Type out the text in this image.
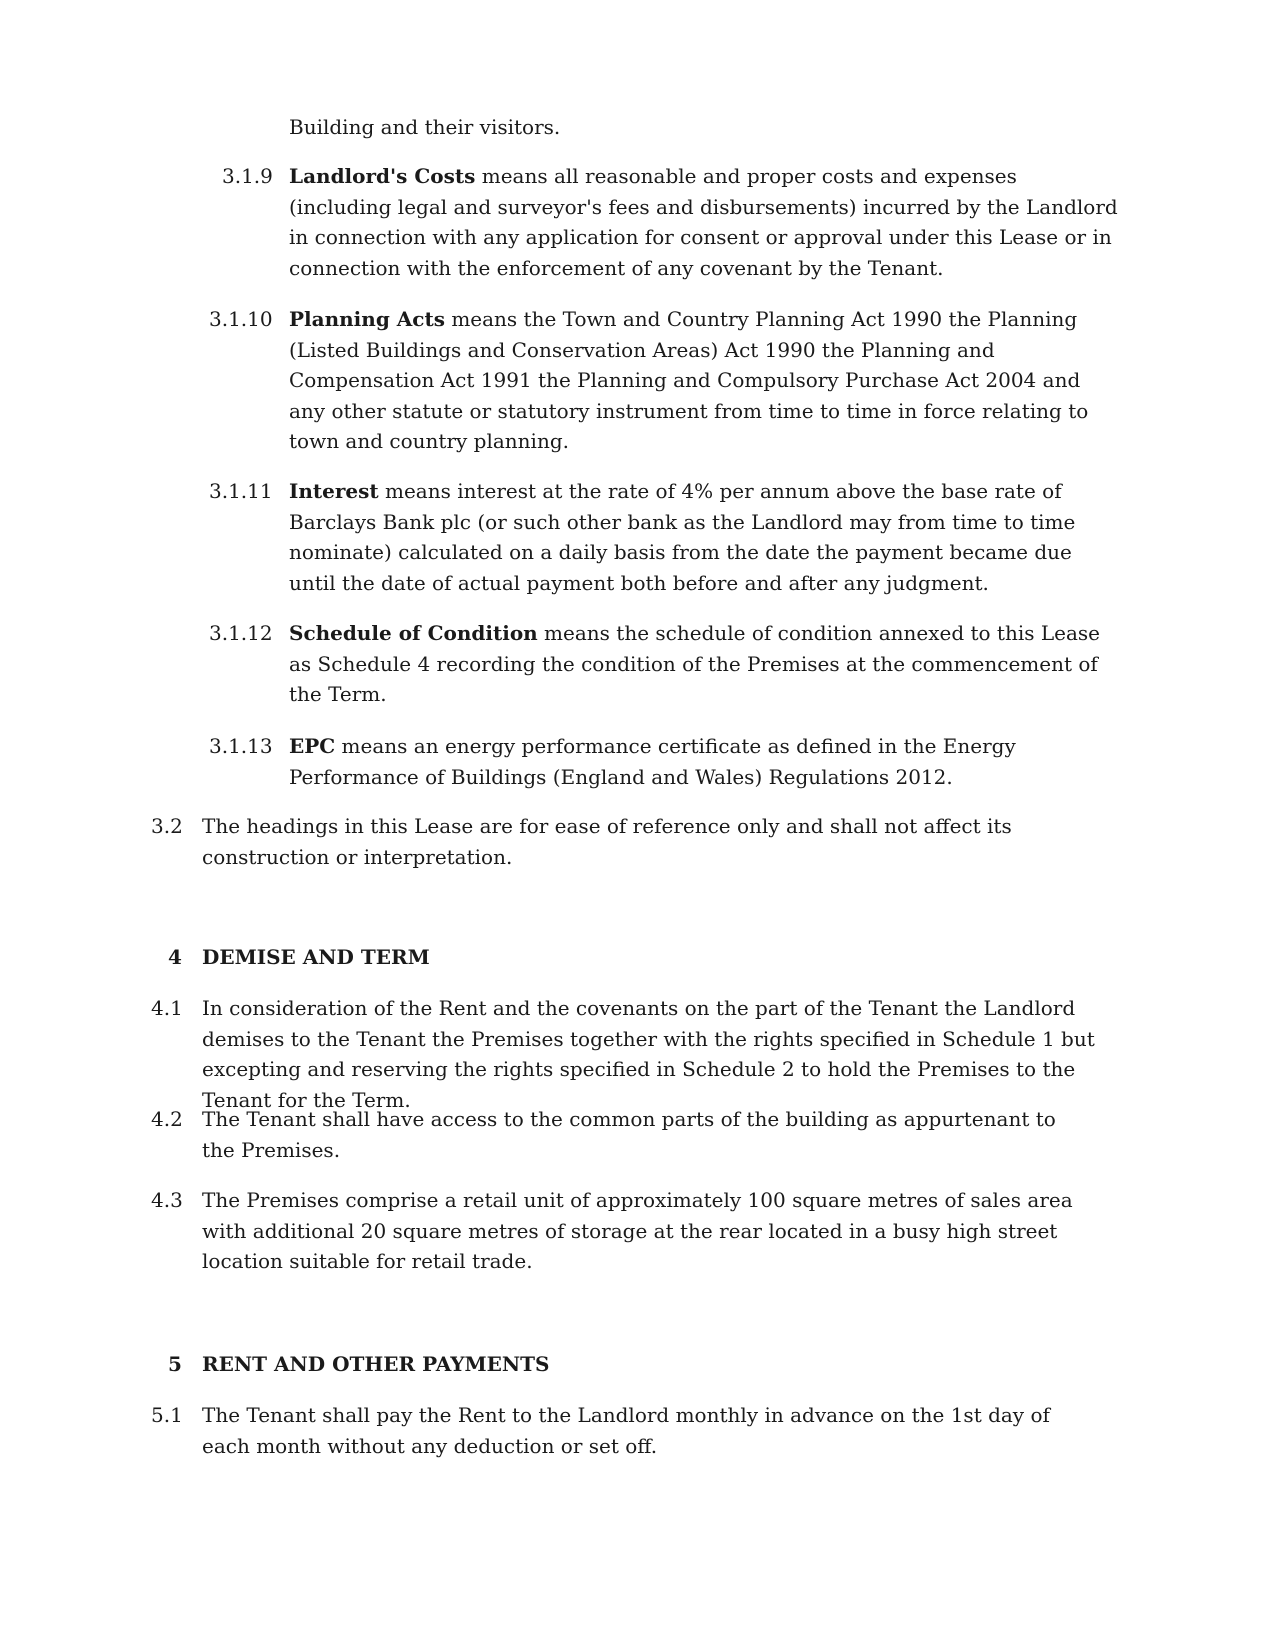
Building and their visitors.

3.1.9 Landlord's Costs means all reasonable and proper costs and expenses (including legal and surveyor's fees and disbursements) incurred by the Landlord in connection with any application for consent or approval under this Lease or in connection with the enforcement of any covenant by the Tenant.

3.1.10 Planning Acts means the Town and Country Planning Act 1990 the Planning (Listed Buildings and Conservation Areas) Act 1990 the Planning and Compensation Act 1991 the Planning and Compulsory Purchase Act 2004 and any other statute or statutory instrument from time to time in force relating to town and country planning.

3.1.11 Interest means interest at the rate of 4% per annum above the base rate of Barclays Bank plc (or such other bank as the Landlord may from time to time nominate) calculated on a daily basis from the date the payment became due until the date of actual payment both before and after any judgment.

3.1.12 Schedule of Condition means the schedule of condition annexed to this Lease as Schedule 4 recording the condition of the Premises at the commencement of the Term.

3.1.13 EPC means an energy performance certificate as defined in the Energy Performance of Buildings (England and Wales) Regulations 2012.

3.2 The headings in this Lease are for ease of reference only and shall not affect its construction or interpretation.

4 DEMISE AND TERM
4.1 In consideration of the Rent and the covenants on the part of the Tenant the Landlord demises to the Tenant the Premises together with the rights specified in Schedule 1 but excepting and reserving the rights specified in Schedule 2 to hold the Premises to the Tenant for the Term.

4.2 The Tenant shall have access to the common parts of the building as appurtenant to the Premises.

4.3 The Premises comprise a retail unit of approximately 100 square metres of sales area with additional 20 square metres of storage at the rear located in a busy high street location suitable for retail trade.

5 RENT AND OTHER PAYMENTS
5.1 The Tenant shall pay the Rent to the Landlord monthly in advance on the 1st day of each month without any deduction or set off.
